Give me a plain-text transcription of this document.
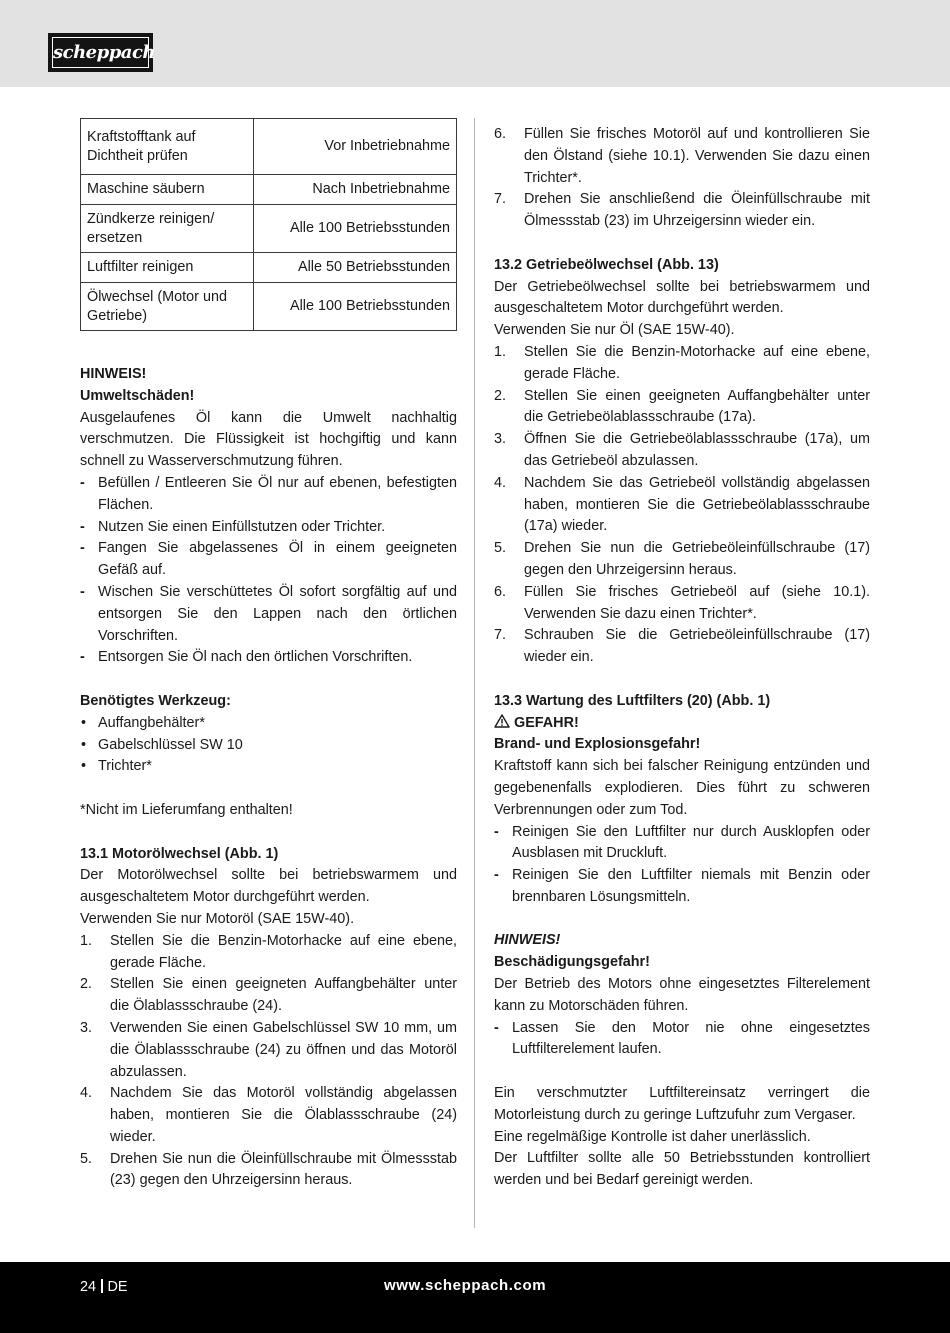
scheppach
Kraftstofftank auf Dichtheit prüfen	Vor Inbetriebnahme
Maschine säubern	Nach Inbetriebnahme
Zündkerze reinigen/ ersetzen	Alle 100 Betriebsstunden
Luftfilter reinigen	Alle 50 Betriebsstunden
Ölwechsel (Motor und Getriebe)	Alle 100 Betriebsstunden

HINWEIS!

Umweltschäden!

Ausgelaufenes Öl kann die Umwelt nachhaltig verschmutzen. Die Flüssigkeit ist hochgiftig und kann schnell zu Wasserverschmutzung führen.

- Befüllen / Entleeren Sie Öl nur auf ebenen, befestigten Flächen.
- Nutzen Sie einen Einfüllstutzen oder Trichter.
- Fangen Sie abgelassenes Öl in einem geeigneten Gefäß auf.
- Wischen Sie verschüttetes Öl sofort sorgfältig auf und entsorgen Sie den Lappen nach den örtlichen Vorschriften.
- Entsorgen Sie Öl nach den örtlichen Vorschriften.

Benötigtes Werkzeug:

• Auffangbehälter*
• Gabelschlüssel SW 10
• Trichter*

*Nicht im Lieferumfang enthalten!

13.1 Motorölwechsel (Abb. 1)

Der Motorölwechsel sollte bei betriebswarmem und ausgeschaltetem Motor durchgeführt werden.

Verwenden Sie nur Motoröl (SAE 15W-40).

1. Stellen Sie die Benzin-Motorhacke auf eine ebene, gerade Fläche.
2. Stellen Sie einen geeigneten Auffangbehälter unter die Ölablassschraube (24).
3. Verwenden Sie einen Gabelschlüssel SW 10 mm, um die Ölablassschraube (24) zu öffnen und das Motoröl abzulassen.
4. Nachdem Sie das Motoröl vollständig abgelassen haben, montieren Sie die Ölablassschraube (24) wieder.
5. Drehen Sie nun die Öleinfüllschraube mit Ölmessstab (23) gegen den Uhrzeigersinn heraus.
6. Füllen Sie frisches Motoröl auf und kontrollieren Sie den Ölstand (siehe 10.1). Verwenden Sie dazu einen Trichter*.
7. Drehen Sie anschließend die Öleinfüllschraube mit Ölmessstab (23) im Uhrzeigersinn wieder ein.

13.2 Getriebeölwechsel (Abb. 13)

Der Getriebeölwechsel sollte bei betriebswarmem und ausgeschaltetem Motor durchgeführt werden.

Verwenden Sie nur Öl (SAE 15W-40).

1. Stellen Sie die Benzin-Motorhacke auf eine ebene, gerade Fläche.
2. Stellen Sie einen geeigneten Auffangbehälter unter die Getriebeölablassschraube (17a).
3. Öffnen Sie die Getriebeölablassschraube (17a), um das Getriebeöl abzulassen.
4. Nachdem Sie das Getriebeöl vollständig abgelassen haben, montieren Sie die Getriebeölablassschraube (17a) wieder.
5. Drehen Sie nun die Getriebeöleinfüllschraube (17) gegen den Uhrzeigersinn heraus.
6. Füllen Sie frisches Getriebeöl auf (siehe 10.1). Verwenden Sie dazu einen Trichter*.
7. Schrauben Sie die Getriebeöleinfüllschraube (17) wieder ein.

13.3 Wartung des Luftfilters (20) (Abb. 1)

GEFAHR!

Brand- und Explosionsgefahr!

Kraftstoff kann sich bei falscher Reinigung entzünden und gegebenenfalls explodieren. Dies führt zu schweren Verbrennungen oder zum Tod.

- Reinigen Sie den Luftfilter nur durch Ausklopfen oder Ausblasen mit Druckluft.
- Reinigen Sie den Luftfilter niemals mit Benzin oder brennbaren Lösungsmitteln.

HINWEIS!

Beschädigungsgefahr!

Der Betrieb des Motors ohne eingesetztes Filterelement kann zu Motorschäden führen.

- Lassen Sie den Motor nie ohne eingesetztes Luftfilterelement laufen.

Ein verschmutzter Luftfiltereinsatz verringert die Motorleistung durch zu geringe Luftzufuhr zum Vergaser.

Eine regelmäßige Kontrolle ist daher unerlässlich.

Der Luftfilter sollte alle 50 Betriebsstunden kontrolliert werden und bei Bedarf gereinigt werden.

24 DE	www.scheppach.com
